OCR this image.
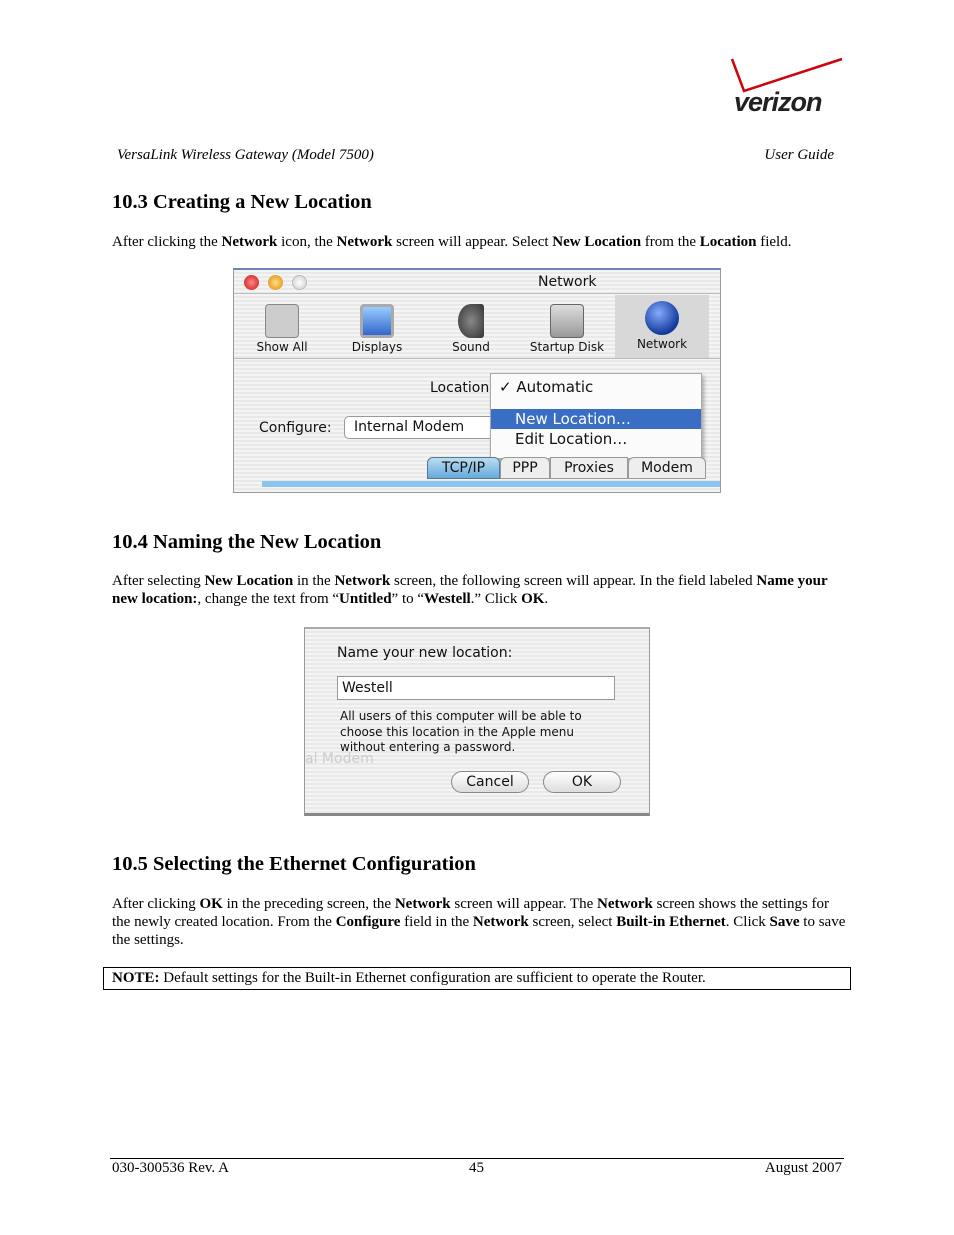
verizon
VersaLink Wireless Gateway (Model 7500)	User Guide
10.3 Creating a New Location
After clicking the Network icon, the Network screen will appear. Select New Location from the Location field.
Network
Show All	Displays	Sound	Startup Disk	Network
Location
Configure:	Internal Modem
✓ Automatic
New Location…
Edit Location…
TCP/IP	PPP	Proxies	Modem
10.4 Naming the New Location
After selecting New Location in the Network screen, the following screen will appear. In the field labeled Name your new location:, change the text from “Untitled” to “Westell.” Click OK.
al Modem
Name your new location:
Westell
All users of this computer will be able to choose this location in the Apple menu without entering a password.
Cancel	OK
10.5 Selecting the Ethernet Configuration
After clicking OK in the preceding screen, the Network screen will appear. The Network screen shows the settings for the newly created location. From the Configure field in the Network screen, select Built-in Ethernet. Click Save to save the settings.
NOTE: Default settings for the Built-in Ethernet configuration are sufficient to operate the Router.
030-300536 Rev. A	45	August 2007
